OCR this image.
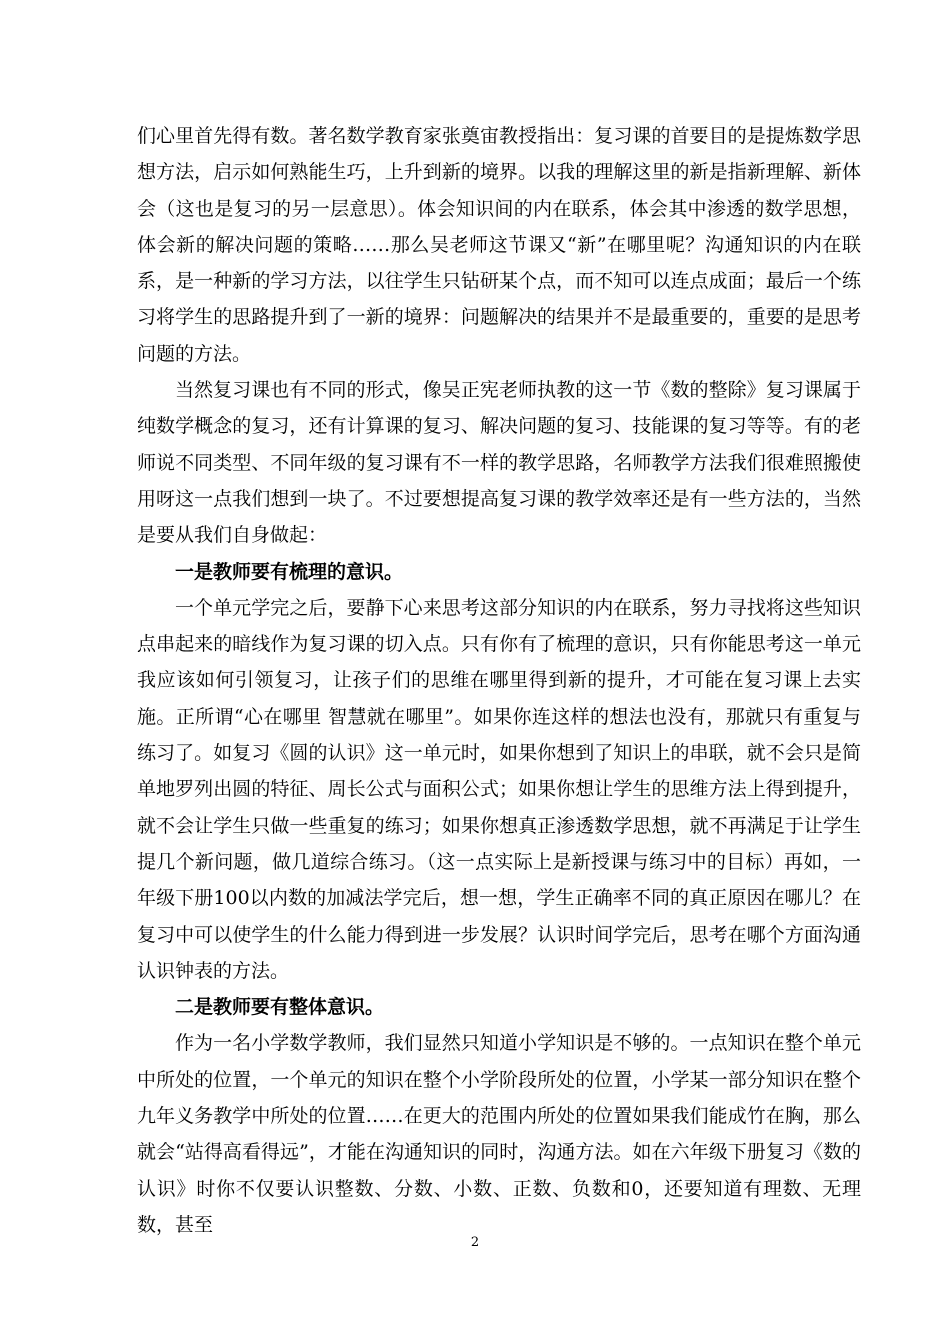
们心里首先得有数。著名数学教育家张奠宙教授指出：复习课的首要目的是提炼数学思想方法，启示如何熟能生巧，上升到新的境界。以我的理解这里的新是指新理解、新体会（这也是复习的另一层意思）。体会知识间的内在联系，体会其中渗透的数学思想，体会新的解决问题的策略……那么吴老师这节课又“新”在哪里呢？沟通知识的内在联系，是一种新的学习方法，以往学生只钻研某个点，而不知可以连点成面；最后一个练习将学生的思路提升到了一新的境界：问题解决的结果并不是最重要的，重要的是思考问题的方法。

当然复习课也有不同的形式，像吴正宪老师执教的这一节《数的整除》复习课属于纯数学概念的复习，还有计算课的复习、解决问题的复习、技能课的复习等等。有的老师说不同类型、不同年级的复习课有不一样的教学思路，名师教学方法我们很难照搬使用呀这一点我们想到一块了。不过要想提高复习课的教学效率还是有一些方法的，当然是要从我们自身做起：

一是教师要有梳理的意识。

一个单元学完之后，要静下心来思考这部分知识的内在联系，努力寻找将这些知识点串起来的暗线作为复习课的切入点。只有你有了梳理的意识，只有你能思考这一单元我应该如何引领复习，让孩子们的思维在哪里得到新的提升，才可能在复习课上去实施。正所谓“心在哪里 智慧就在哪里”。如果你连这样的想法也没有，那就只有重复与练习了。如复习《圆的认识》这一单元时，如果你想到了知识上的串联，就不会只是简单地罗列出圆的特征、周长公式与面积公式；如果你想让学生的思维方法上得到提升，就不会让学生只做一些重复的练习；如果你想真正渗透数学思想，就不再满足于让学生提几个新问题，做几道综合练习。（这一点实际上是新授课与练习中的目标）再如，一年级下册100以内数的加减法学完后，想一想，学生正确率不同的真正原因在哪儿？在复习中可以使学生的什么能力得到进一步发展？认识时间学完后，思考在哪个方面沟通认识钟表的方法。

二是教师要有整体意识。

作为一名小学数学教师，我们显然只知道小学知识是不够的。一点知识在整个单元中所处的位置，一个单元的知识在整个小学阶段所处的位置，小学某一部分知识在整个九年义务教学中所处的位置……在更大的范围内所处的位置如果我们能成竹在胸，那么就会“站得高看得远”，才能在沟通知识的同时，沟通方法。如在六年级下册复习《数的认识》时你不仅要认识整数、分数、小数、正数、负数和0，还要知道有理数、无理数，甚至

2
